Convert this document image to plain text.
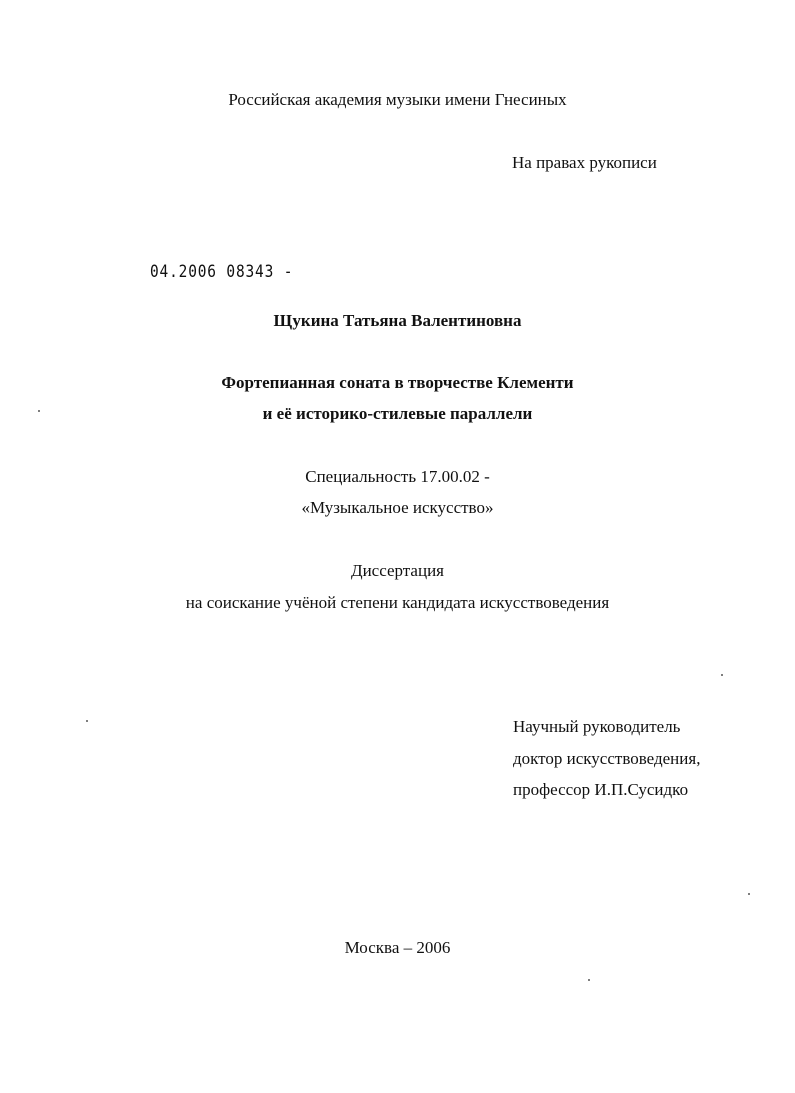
Российская академия музыки имени Гнесиных
На правах рукописи
04.2006 08343 -
Щукина Татьяна Валентиновна
Фортепианная соната в творчестве Клементи
и её историко-стилевые параллели
Специальность 17.00.02 -
«Музыкальное искусство»
Диссертация
на соискание учёной степени кандидата искусствоведения
Научный руководитель
доктор искусствоведения,
профессор И.П.Сусидко
Москва – 2006
